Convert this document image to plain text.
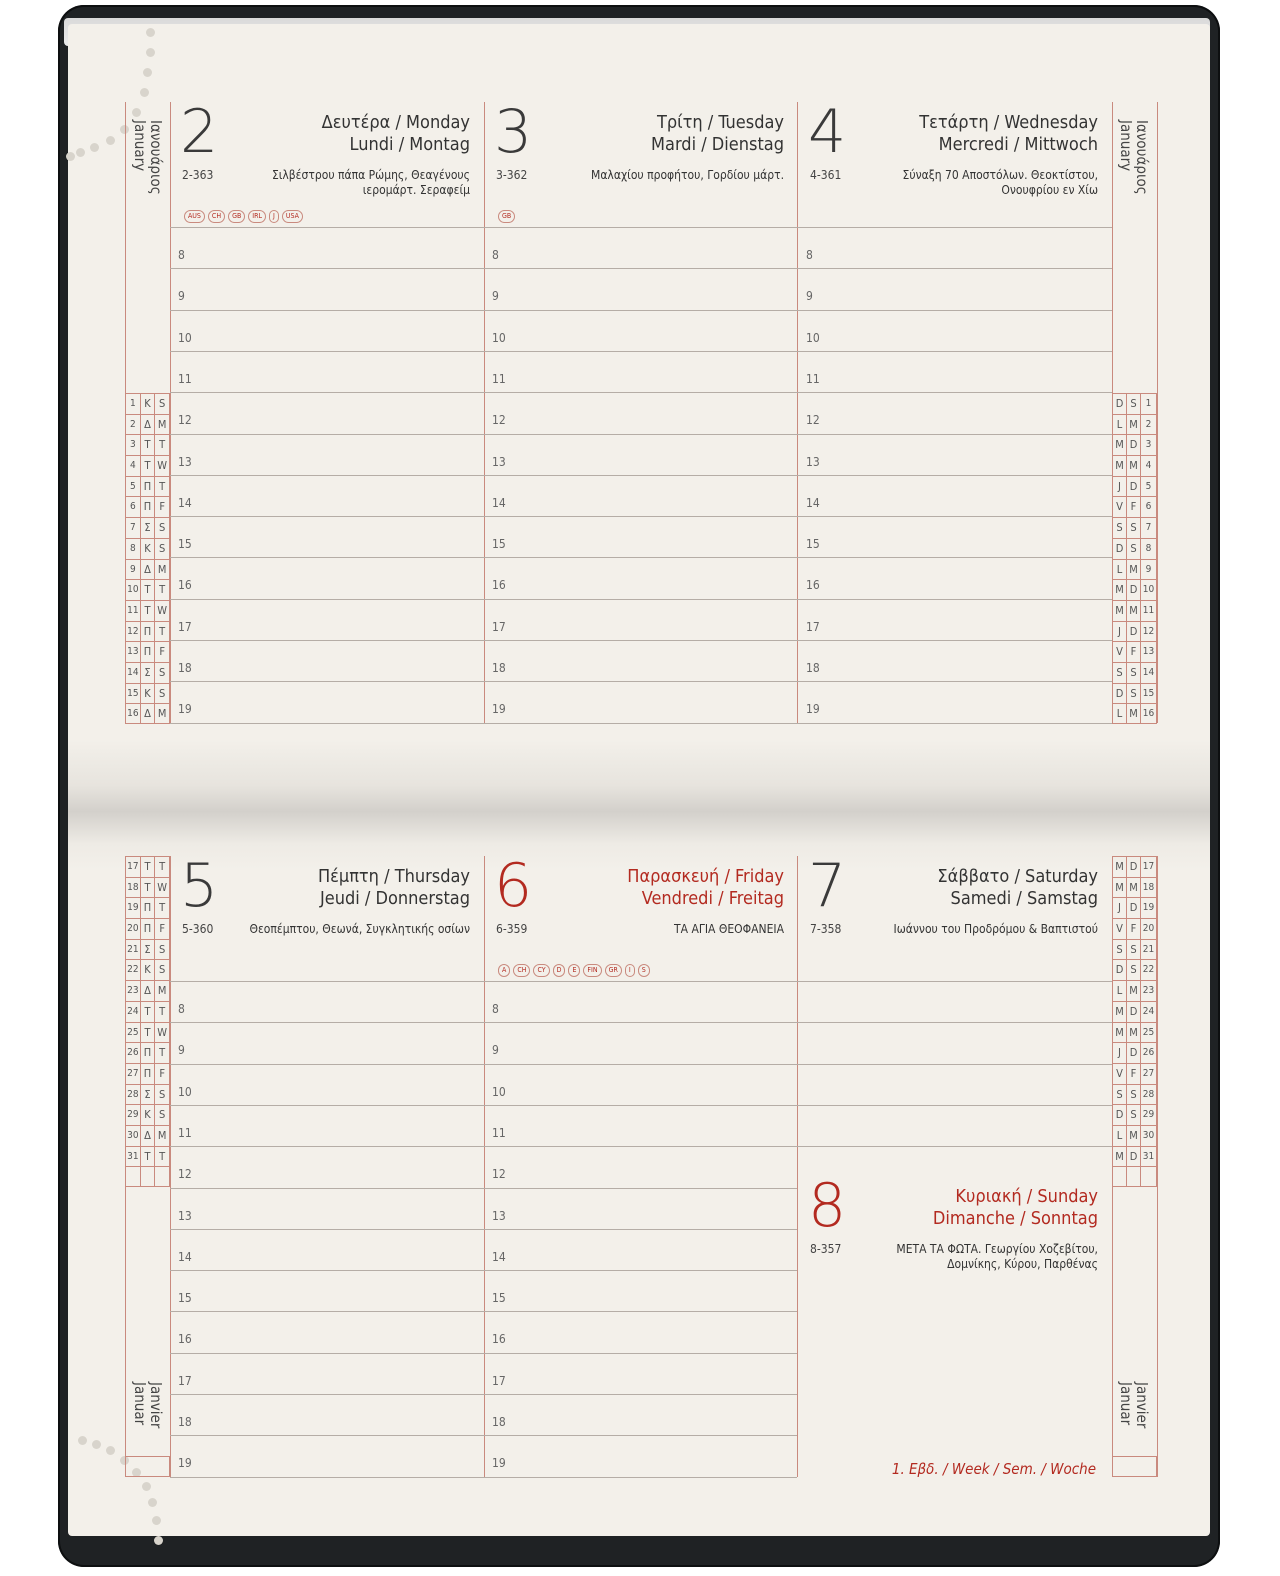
8	8	8
8	8
9	9	9
9	9
10	10	10
10	10
11	11	11
11	11
12	12	12
12	12
13	13	13
13	13
14	14	14
14	14
15	15	15
15	15
16	16	16
16	16
17	17	17
17	17
18	18	18
18	18
19	19	19
19	19
1 Κ S
2 Δ M
3 Τ T
4 Τ W
5 Π T
6 Π F
7 Σ S
8 Κ S
9 Δ M
10 Τ T
11 Τ W
12 Π T
13 Π F
14 Σ S
15 Κ S
16 Δ M
D S 1
L M 2
M D 3
M M 4
J D 5
V F 6
S S 7
D S 8
L M 9
M D 10
M M 11
J D 12
V F 13
S S 14
D S 15
L M 16
17 Τ T
18 Τ W
19 Π T
20 Π F
21 Σ S
22 Κ S
23 Δ M
24 Τ T
25 Τ W
26 Π T
27 Π F
28 Σ S
29 Κ S
30 Δ M
31 Τ T
M D 17
M M 18
J D 19
V F 20
S S 21
D S 22
L M 23
M D 24
M M 25
J D 26
V F 27
S S 28
D S 29
L M 30
M D 31
2	Δευτέρα / Monday
Lundi / Montag
2-363	Σιλβέστρου πάπα Ρώμης, Θεαγένους
ιερομάρτ. Σεραφείμ
AUS	CH	GB	IRL	J	USA
3	Τρίτη / Tuesday
Mardi / Dienstag
3-362	Μαλαχίου προφήτου, Γορδίου μάρτ.
GB
4	Τετάρτη / Wednesday
Mercredi / Mittwoch
4-361	Σύναξη 70 Αποστόλων. Θεοκτίστου,
Ονουφρίου εν Χίω
5	Πέμπτη / Thursday
Jeudi / Donnerstag
5-360	Θεοπέμπτου, Θεωνά, Συγκλητικής οσίων
6	Παρασκευή / Friday
Vendredi / Freitag
6-359	ΤΑ ΑΓΙΑ ΘΕΟΦΑΝΕΙΑ
A	CH	CY	D	E	FIN	GR	I	S
7	Σάββατο / Saturday
Samedi / Samstag
7-358	Ιωάννου του Προδρόμου & Βαπτιστού
8	Κυριακή / Sunday
Dimanche / Sonntag
8-357	ΜΕΤΑ ΤΑ ΦΩΤΑ. Γεωργίου Χοζεβίτου,
Δομνίκης, Κύρου, Παρθένας
Ιανουάριος
January	Ιανουάριος
January
Janvier
Januar	Janvier
Januar
1. Εβδ. / Week / Sem. / Woche
